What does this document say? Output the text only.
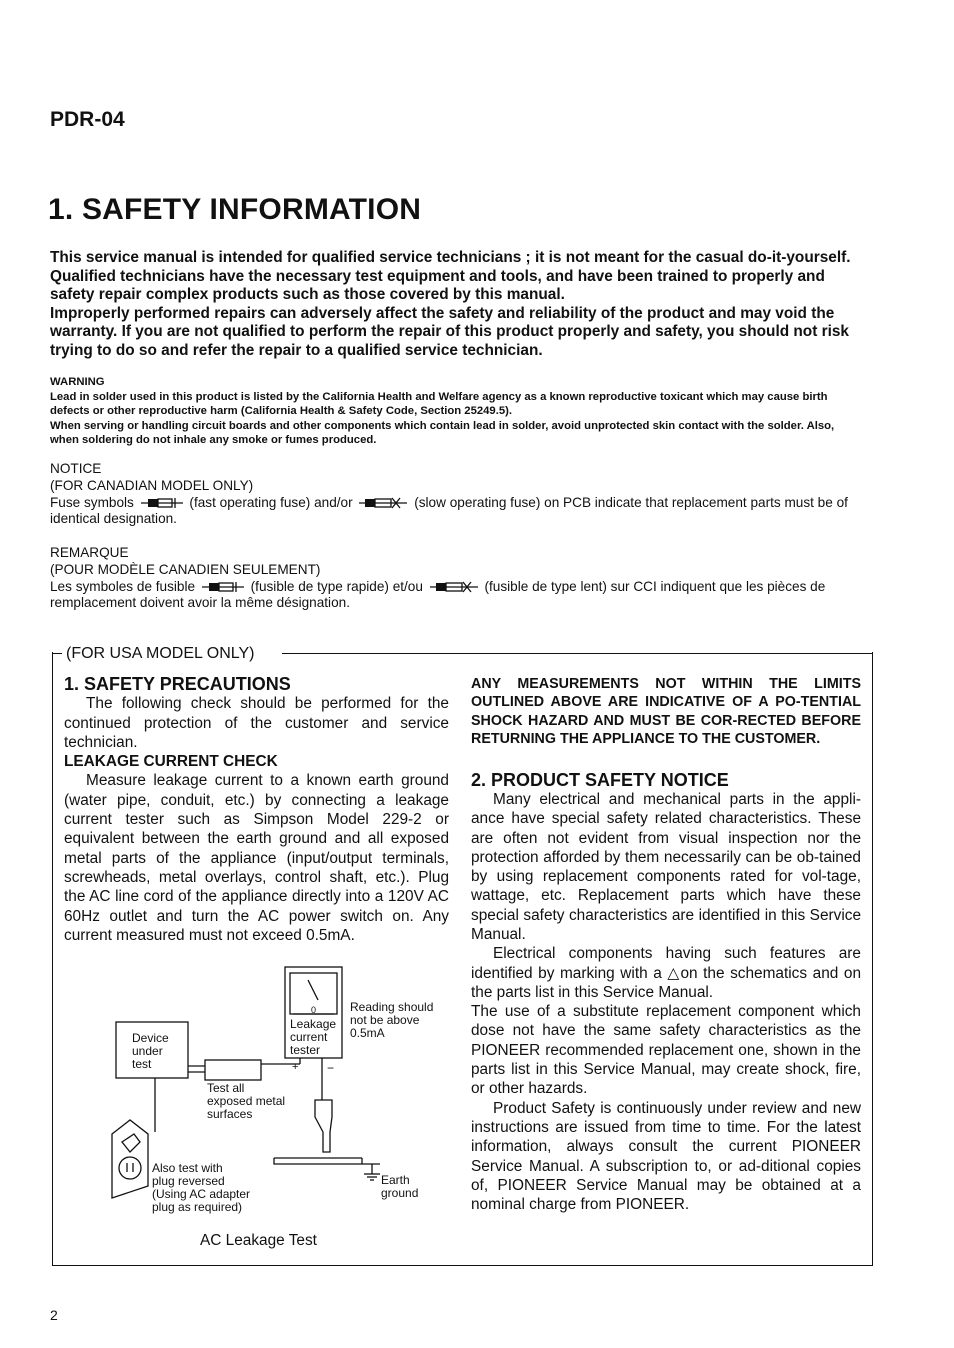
PDR-04
1. SAFETY INFORMATION

This service manual is intended for qualified service technicians ; it is not meant for the casual do-it-yourself. Qualified technicians have the necessary test equipment and tools, and have been trained to properly and safety repair complex products such as those covered by this manual.

Improperly performed repairs can adversely affect the safety and reliability of the product and may void the warranty. If you are not qualified to perform the repair of this product properly and safety, you should not risk trying to do so and refer the repair to a qualified service technician.

WARNING

Lead in solder used in this product is listed by the California Health and Welfare agency as a known reproductive toxicant which may cause birth defects or other reproductive harm (California Health & Safety Code, Section 25249.5).

When serving or handling circuit boards and other components which contain lead in solder, avoid unprotected skin contact with the solder. Also, when soldering do not inhale any smoke or fumes produced.

NOTICE

(FOR CANADIAN MODEL ONLY)

Fuse symbols	(fast operating fuse) and/or	(slow operating fuse) on PCB indicate that replacement parts must be of identical designation.

REMARQUE

(POUR MODÈLE CANADIEN SEULEMENT)

Les symboles de fusible	(fusible de type rapide) et/ou	(fusible de type lent) sur CCI indiquent que les pièces de remplacement doivent avoir la même désignation.

(FOR USA MODEL ONLY)
1. SAFETY PRECAUTIONS

The following check should be performed for the continued protection of the customer and service technician.

LEAKAGE CURRENT CHECK

Measure leakage current to a known earth ground (water pipe, conduit, etc.) by connecting a leakage current tester such as Simpson Model 229-2 or equivalent between the earth ground and all exposed metal parts of the appliance (input/output terminals, screwheads, metal overlays, control shaft, etc.). Plug the AC line cord of the appliance directly into a 120V AC 60Hz outlet and turn the AC power switch on. Any current measured must not exceed 0.5mA.

ANY MEASUREMENTS NOT WITHIN THE LIMITS OUTLINED ABOVE ARE INDICATIVE OF A PO-TENTIAL SHOCK HAZARD AND MUST BE COR-RECTED BEFORE RETURNING THE APPLIANCE TO THE CUSTOMER.

2. PRODUCT SAFETY NOTICE

Many electrical and mechanical parts in the appli-ance have special safety related characteristics. These are often not evident from visual inspection nor the protection afforded by them necessarily can be ob-tained by using replacement components rated for vol-tage, wattage, etc. Replacement parts which have these special safety characteristics are identified in this Service Manual.

Electrical components having such features are identified by marking with a △on the schematics and on the parts list in this Service Manual.

The use of a substitute replacement component which dose not have the same safety characteristics as the PIONEER recommended replacement one, shown in the parts list in this Service Manual, may create shock, fire, or other hazards.

Product Safety is continuously under review and new instructions are issued from time to time. For the latest information, always consult the current PIONEER Service Manual. A subscription to, or ad-ditional copies of, PIONEER Service Manual may be obtained at a nominal charge from PIONEER.

Device
under
test
0
Leakage
current
tester
+ −
Reading should
not be above
0.5mA
Test all
exposed metal
surfaces
Also test with
plug reversed
(Using AC adapter
plug as required)
Earth
ground
AC Leakage Test
2
